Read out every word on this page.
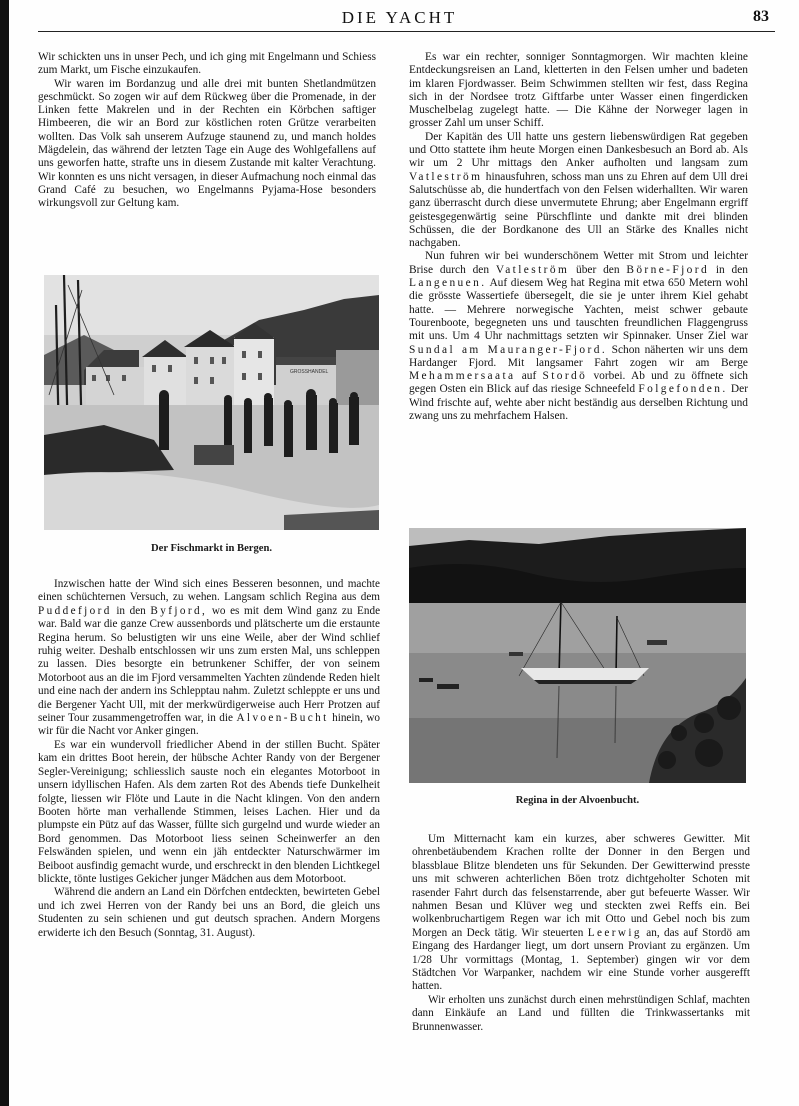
DIE YACHT	83

Wir schickten uns in unser Pech, und ich ging mit Engelmann und Schiess zum Markt, um Fische einzukaufen.

Wir waren im Bordanzug und alle drei mit bunten Shetlandmützen geschmückt. So zogen wir auf dem Rückweg über die Promenade, in der Linken fette Makrelen und in der Rechten ein Körbchen saftiger Himbeeren, die wir an Bord zur köstlichen roten Grütze verarbeiten wollten. Das Volk sah unserem Aufzuge staunend zu, und manch holdes Mägdelein, das während der letzten Tage ein Auge des Wohlgefallens auf uns geworfen hatte, strafte uns in diesem Zustande mit kalter Verachtung. Wir konnten es uns nicht versagen, in dieser Aufmachung noch einmal das Grand Café zu besuchen, wo Engelmanns Pyjama-Hose besonders wirkungsvoll zur Geltung kam.

GROSSHANDEL
Der Fischmarkt in Bergen.

Inzwischen hatte der Wind sich eines Besseren besonnen, und machte einen schüchternen Versuch, zu wehen. Langsam schlich Regina aus dem Puddefjord in den Byfjord, wo es mit dem Wind ganz zu Ende war. Bald war die ganze Crew aussenbords und plätscherte um die erstaunte Regina herum. So belustigten wir uns eine Weile, aber der Wind schlief ruhig weiter. Deshalb entschlossen wir uns zum ersten Mal, uns schleppen zu lassen. Dies besorgte ein betrunkener Schiffer, der von seinem Motorboot aus an die im Fjord versammelten Yachten zündende Reden hielt und eine nach der andern ins Schlepptau nahm. Zuletzt schleppte er uns und die Bergener Yacht Ull, mit der merkwürdigerweise auch Herr Protzen auf seiner Tour zusammengetroffen war, in die Alvoen-Bucht hinein, wo wir für die Nacht vor Anker gingen.

Es war ein wundervoll friedlicher Abend in der stillen Bucht. Später kam ein drittes Boot herein, der hübsche Achter Randy von der Bergener Segler-Vereinigung; schliesslich sauste noch ein elegantes Motorboot in unsern idyllischen Hafen. Als dem zarten Rot des Abends tiefe Dunkelheit folgte, liessen wir Flöte und Laute in die Nacht klingen. Von den andern Booten hörte man verhallende Stimmen, leises Lachen. Hier und da plumpste ein Pütz auf das Wasser, füllte sich gurgelnd und wurde wieder an Bord genommen. Das Motorboot liess seinen Scheinwerfer an den Felswänden spielen, und wenn ein jäh entdeckter Naturschwärmer im Beiboot ausfindig gemacht wurde, und erschreckt in den blenden Lichtkegel blickte, tönte lustiges Gekicher junger Mädchen aus dem Motorboot.

Während die andern an Land ein Dörfchen entdeckten, bewirteten Gebel und ich zwei Herren von der Randy bei uns an Bord, die gleich uns Studenten zu sein schienen und gut deutsch sprachen. Andern Morgens erwiderte ich den Besuch (Sonntag, 31. August).

Es war ein rechter, sonniger Sonntagmorgen. Wir machten kleine Entdeckungsreisen an Land, kletterten in den Felsen umher und badeten im klaren Fjordwasser. Beim Schwimmen stellten wir fest, dass Regina sich in der Nordsee trotz Giftfarbe unter Wasser einen fingerdicken Muschelbelag zugelegt hatte. — Die Kähne der Norweger lagen in grosser Zahl um unser Schiff.

Der Kapitän des Ull hatte uns gestern liebenswürdigen Rat gegeben und Otto stattete ihm heute Morgen einen Dankesbesuch an Bord ab. Als wir um 2 Uhr mittags den Anker aufholten und langsam zum Vatleström hinausfuhren, schoss man uns zu Ehren auf dem Ull drei Salutschüsse ab, die hundertfach von den Felsen widerhallten. Wir waren ganz überrascht durch diese unvermutete Ehrung; aber Engelmann ergriff geistesgegenwärtig seine Pürschflinte und dankte mit drei blinden Schüssen, die der Bordkanone des Ull an Stärke des Knalles nicht nachgaben.

Nun fuhren wir bei wunderschönem Wetter mit Strom und leichter Brise durch den Vatleström über den Börne-Fjord in den Langenuen. Auf diesem Weg hat Regina mit etwa 650 Metern wohl die grösste Wassertiefe übersegelt, die sie je unter ihrem Kiel gehabt hatte. — Mehrere norwegische Yachten, meist schwer gebaute Tourenboote, begegneten uns und tauschten freundlichen Flaggengruss mit uns. Um 4 Uhr nachmittags setzten wir Spinnaker. Unser Ziel war Sundal am Mauranger-Fjord. Schon näherten wir uns dem Hardanger Fjord. Mit langsamer Fahrt zogen wir am Berge Mehammersaata auf Stordö vorbei. Ab und zu öffnete sich gegen Osten ein Blick auf das riesige Schneefeld Folgefonden. Der Wind frischte auf, wehte aber nicht beständig aus derselben Richtung und zwang uns zu mehrfachem Halsen.

Regina in der Alvoenbucht.

Um Mitternacht kam ein kurzes, aber schweres Gewitter. Mit ohrenbetäubendem Krachen rollte der Donner in den Bergen und blassblaue Blitze blendeten uns für Sekunden. Der Gewitterwind presste uns mit schweren achterlichen Böen trotz dichtgeholter Schoten mit rasender Fahrt durch das felsenstarrende, aber gut befeuerte Wasser. Wir nahmen Besan und Klüver weg und steckten zwei Reffs ein. Bei wolkenbruchartigem Regen war ich mit Otto und Gebel noch bis zum Morgen an Deck tätig. Wir steuerten Leerwig an, das auf Stordö am Eingang des Hardanger liegt, um dort unsern Proviant zu ergänzen. Um 1/28 Uhr vormittags (Montag, 1. September) gingen wir vor dem Städtchen Vor Warpanker, nachdem wir eine Stunde vorher ausgerefft hatten.

Wir erholten uns zunächst durch einen mehrstündigen Schlaf, machten dann Einkäufe an Land und füllten die Trinkwassertanks mit Brunnenwasser.
